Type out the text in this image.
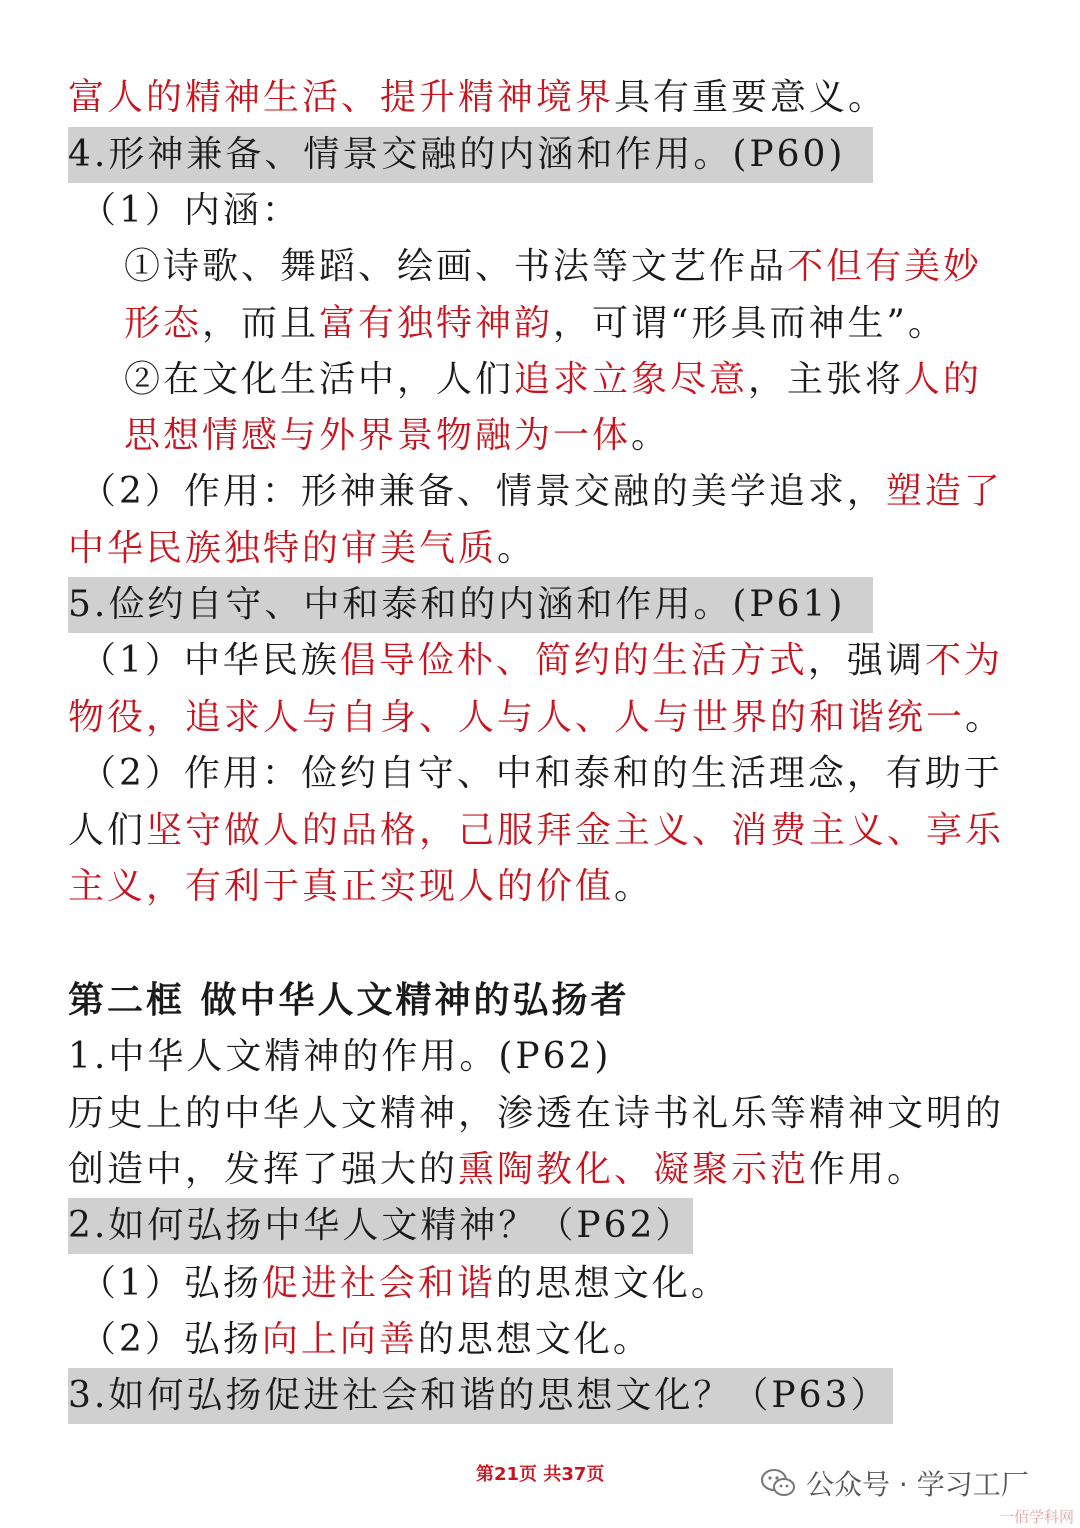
富人的精神生活、提升精神境界具有重要意义。
4.形神兼备、情景交融的内涵和作用。(P60)
（1）内涵：
①诗歌、舞蹈、绘画、书法等文艺作品不但有美妙
形态，而且富有独特神韵，可谓“形具而神生”。
②在文化生活中，人们追求立象尽意，主张将人的
思想情感与外界景物融为一体。
（2）作用：形神兼备、情景交融的美学追求，塑造了
中华民族独特的审美气质。
5.俭约自守、中和泰和的内涵和作用。(P61)
（1）中华民族倡导俭朴、简约的生活方式，强调不为
物役，追求人与自身、人与人、人与世界的和谐统一。
（2）作用：俭约自守、中和泰和的生活理念，有助于
人们坚守做人的品格，己服拜金主义、消费主义、享乐
主义，有利于真正实现人的价值。
第二框 做中华人文精神的弘扬者
1.中华人文精神的作用。(P62)
历史上的中华人文精神，渗透在诗书礼乐等精神文明的
创造中，发挥了强大的熏陶教化、凝聚示范作用。
2.如何弘扬中华人文精神？（P62）
（1）弘扬促进社会和谐的思想文化。
（2）弘扬向上向善的思想文化。
3.如何弘扬促进社会和谐的思想文化？（P63）
第21页 共37页	公众号 · 学习工厂
一佰学科网
